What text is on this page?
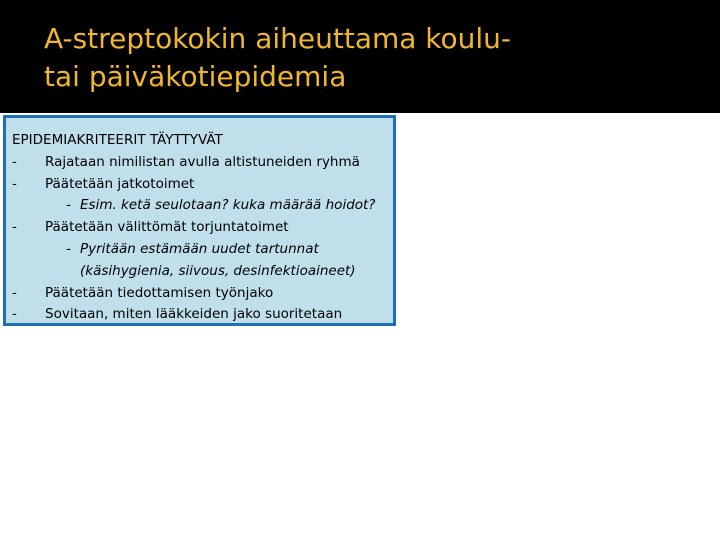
A-streptokokin aiheuttama koulu-
tai päiväkotiepidemia
EPIDEMIAKRITEERIT TÄYTTYVÄT
-	Rajataan nimilistan avulla altistuneiden ryhmä
-	Päätetään jatkotoimet
- Esim. ketä seulotaan? kuka määrää hoidot?
-	Päätetään välittömät torjuntatoimet
- Pyritään estämään uudet tartunnat
(käsihygienia, siivous, desinfektioaineet)
-	Päätetään tiedottamisen työnjako
-	Sovitaan, miten lääkkeiden jako suoritetaan
